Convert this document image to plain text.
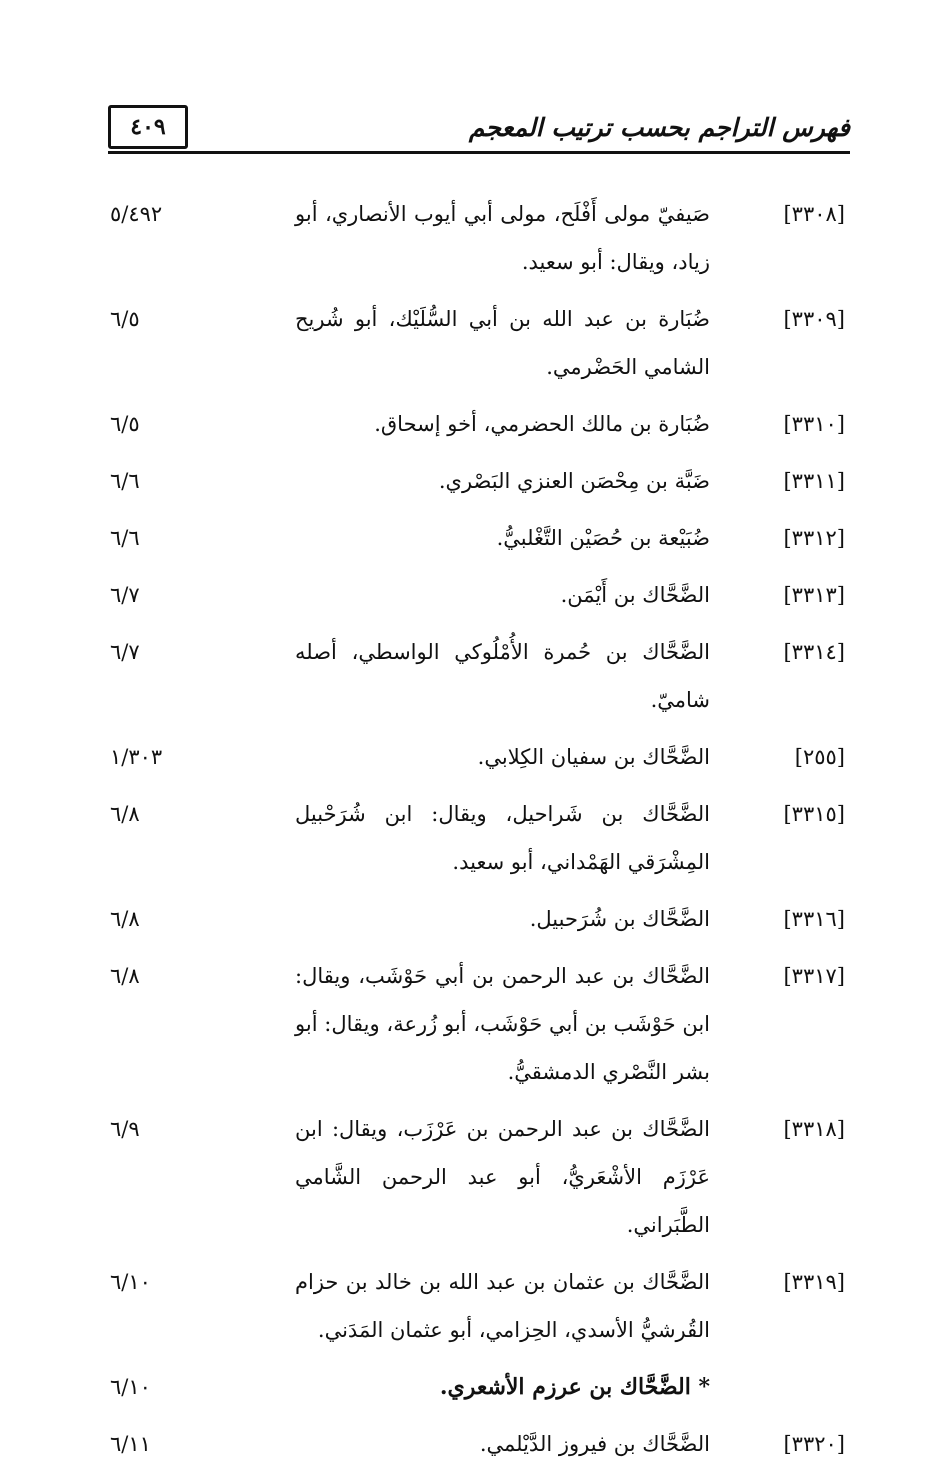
٤٠٩	فهرس التراجم بحسب ترتيب المعجم
[٣٣٠٨]
صَيفيّ مولى أَفْلَح، مولى أبي أيوب الأنصاري، أبو زياد، ويقال: أبو سعيد.
٥/٤٩٢
[٣٣٠٩]
ضُبَارة بن عبد الله بن أبي السُّلَيْك، أبو شُريح الشامي الحَضْرمي.
٦/٥
[٣٣١٠]
ضُبَارة بن مالك الحضرمي، أخو إسحاق.
٦/٥
[٣٣١١]
ضَبَّة بن مِحْصَن العنزي البَصْري.
٦/٦
[٣٣١٢]
ضُبَيْعة بن حُصَيْن التَّغْلبيُّ.
٦/٦
[٣٣١٣]
الضَّحَّاك بن أَيْمَن.
٦/٧
[٣٣١٤]
الضَّحَّاك بن حُمرة الأُمْلُوكي الواسطي، أصله شاميّ.
٦/٧
[٢٥٥]
الضَّحَّاك بن سفيان الكِلابي.
١/٣٠٣
[٣٣١٥]
الضَّحَّاك بن شَراحيل، ويقال: ابن شُرَحْبيل المِشْرَقي الهَمْداني، أبو سعيد.
٦/٨
[٣٣١٦]
الضَّحَّاك بن شُرَحبيل.
٦/٨
[٣٣١٧]
الضَّحَّاك بن عبد الرحمن بن أبي حَوْشَب، ويقال: ابن حَوْشَب بن أبي حَوْشَب، أبو زُرعة، ويقال: أبو بشر النَّصْري الدمشقيُّ.
٦/٨
[٣٣١٨]
الضَّحَّاك بن عبد الرحمن بن عَرْزَب، ويقال: ابن عَرْزَم الأشْعَريُّ، أبو عبد الرحمن الشَّامي الطَّبَراني.
٦/٩
[٣٣١٩]
الضَّحَّاك بن عثمان بن عبد الله بن خالد بن حزام القُرشيُّ الأسدي، الحِزامي، أبو عثمان المَدَني.
٦/١٠
* الضَّحَّاك بن عرزم الأشعري.
٦/١٠
[٣٣٢٠]
الضَّحَّاك بن فيروز الدَّيْلمي.
٦/١١
